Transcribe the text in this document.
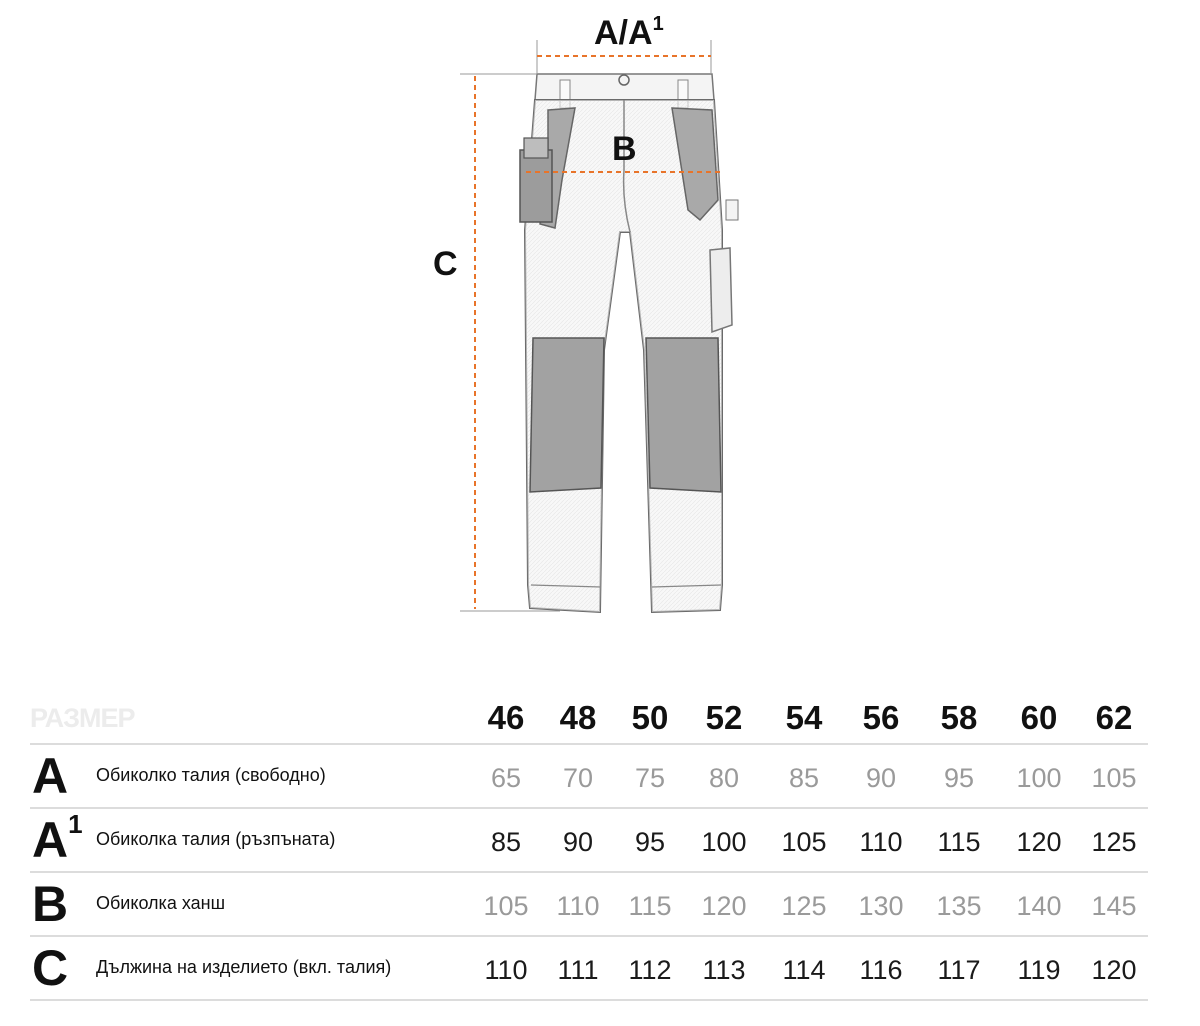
$A/A^1$
B
C
РАЗМЕР	46	48	50	52	54	56	58	60	62
A Обиколко талия (свободно)	65	70	75	80	85	90	95	100	105
$A^1$ Обиколка талия (ръзпъната)	85	90	95	100	105	110	115	120	125
B Обиколка ханш	105	110	115	120	125	130	135	140	145
C Дължина на изделието (вкл. талия)	110	111	112	113	114	116	117	119	120
